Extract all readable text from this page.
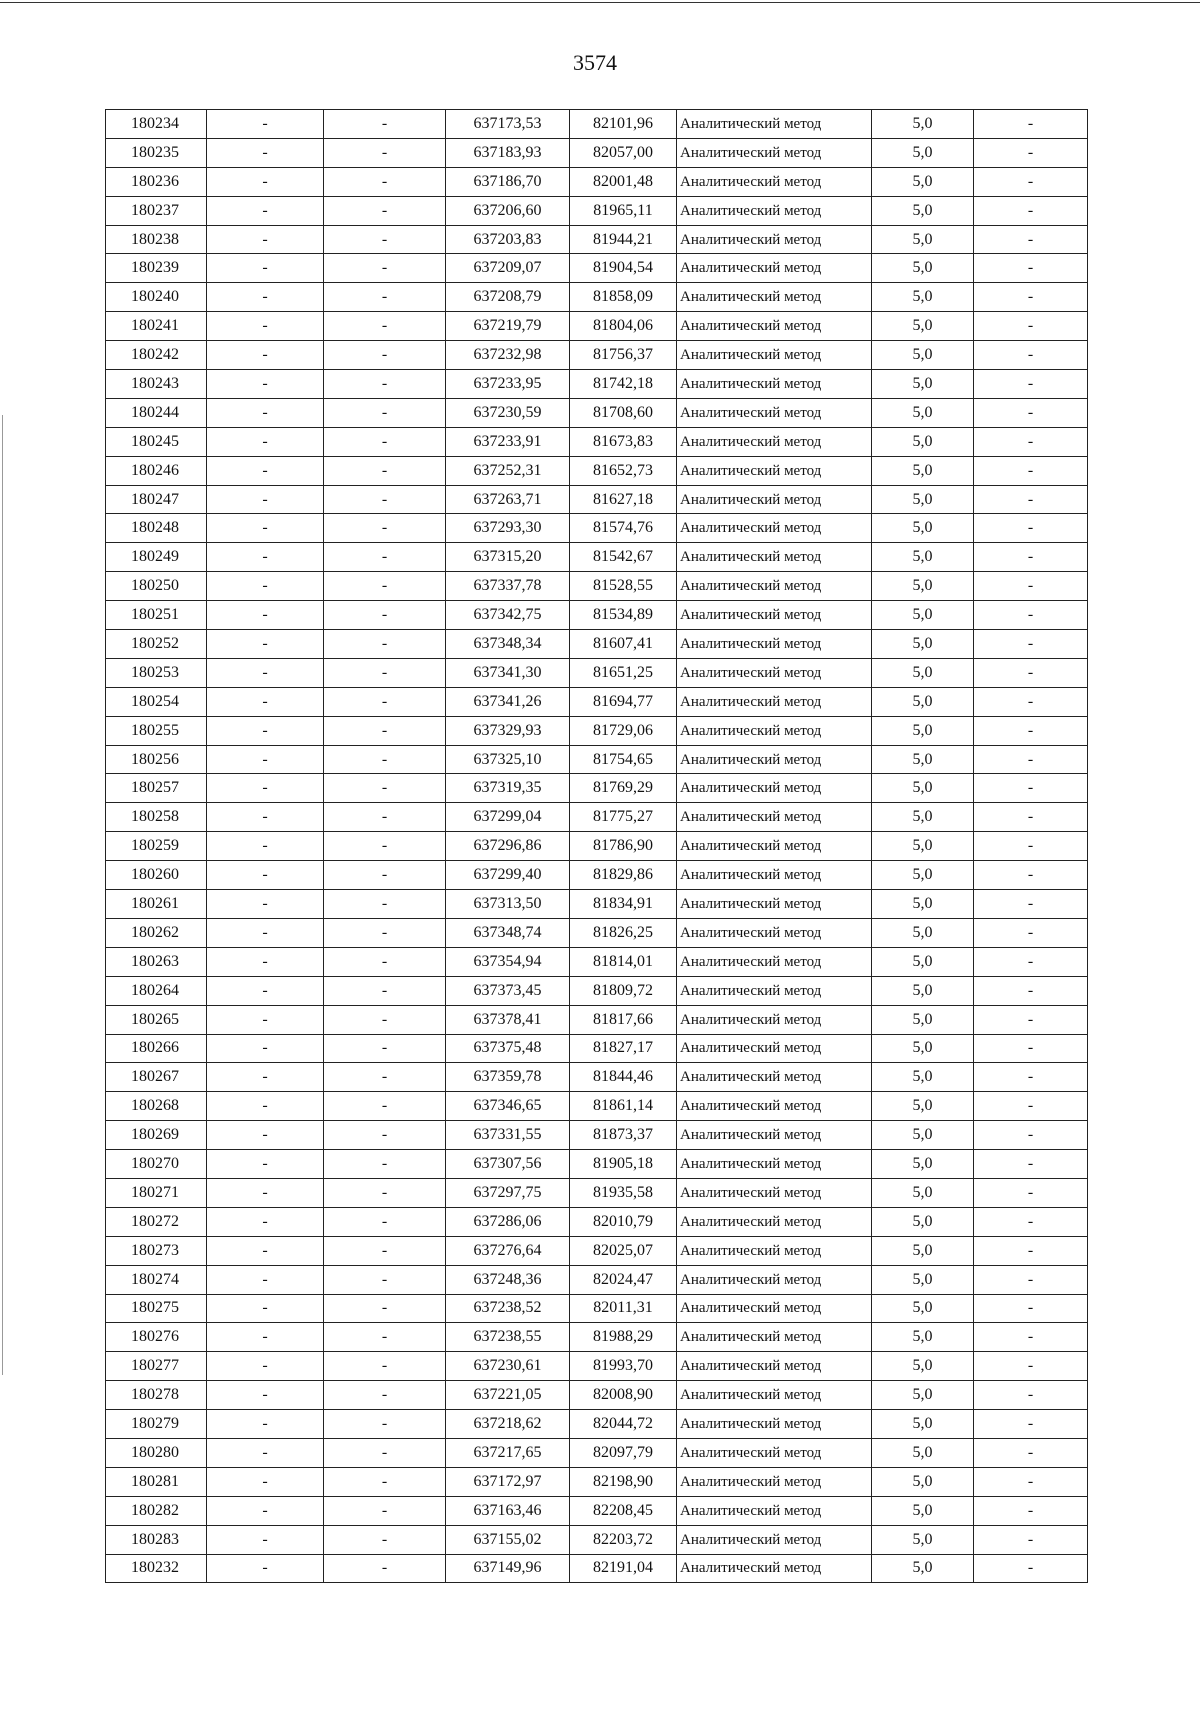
3574
180234	-	-	637173,53	82101,96	Аналитический метод	5,0	-
180235	-	-	637183,93	82057,00	Аналитический метод	5,0	-
180236	-	-	637186,70	82001,48	Аналитический метод	5,0	-
180237	-	-	637206,60	81965,11	Аналитический метод	5,0	-
180238	-	-	637203,83	81944,21	Аналитический метод	5,0	-
180239	-	-	637209,07	81904,54	Аналитический метод	5,0	-
180240	-	-	637208,79	81858,09	Аналитический метод	5,0	-
180241	-	-	637219,79	81804,06	Аналитический метод	5,0	-
180242	-	-	637232,98	81756,37	Аналитический метод	5,0	-
180243	-	-	637233,95	81742,18	Аналитический метод	5,0	-
180244	-	-	637230,59	81708,60	Аналитический метод	5,0	-
180245	-	-	637233,91	81673,83	Аналитический метод	5,0	-
180246	-	-	637252,31	81652,73	Аналитический метод	5,0	-
180247	-	-	637263,71	81627,18	Аналитический метод	5,0	-
180248	-	-	637293,30	81574,76	Аналитический метод	5,0	-
180249	-	-	637315,20	81542,67	Аналитический метод	5,0	-
180250	-	-	637337,78	81528,55	Аналитический метод	5,0	-
180251	-	-	637342,75	81534,89	Аналитический метод	5,0	-
180252	-	-	637348,34	81607,41	Аналитический метод	5,0	-
180253	-	-	637341,30	81651,25	Аналитический метод	5,0	-
180254	-	-	637341,26	81694,77	Аналитический метод	5,0	-
180255	-	-	637329,93	81729,06	Аналитический метод	5,0	-
180256	-	-	637325,10	81754,65	Аналитический метод	5,0	-
180257	-	-	637319,35	81769,29	Аналитический метод	5,0	-
180258	-	-	637299,04	81775,27	Аналитический метод	5,0	-
180259	-	-	637296,86	81786,90	Аналитический метод	5,0	-
180260	-	-	637299,40	81829,86	Аналитический метод	5,0	-
180261	-	-	637313,50	81834,91	Аналитический метод	5,0	-
180262	-	-	637348,74	81826,25	Аналитический метод	5,0	-
180263	-	-	637354,94	81814,01	Аналитический метод	5,0	-
180264	-	-	637373,45	81809,72	Аналитический метод	5,0	-
180265	-	-	637378,41	81817,66	Аналитический метод	5,0	-
180266	-	-	637375,48	81827,17	Аналитический метод	5,0	-
180267	-	-	637359,78	81844,46	Аналитический метод	5,0	-
180268	-	-	637346,65	81861,14	Аналитический метод	5,0	-
180269	-	-	637331,55	81873,37	Аналитический метод	5,0	-
180270	-	-	637307,56	81905,18	Аналитический метод	5,0	-
180271	-	-	637297,75	81935,58	Аналитический метод	5,0	-
180272	-	-	637286,06	82010,79	Аналитический метод	5,0	-
180273	-	-	637276,64	82025,07	Аналитический метод	5,0	-
180274	-	-	637248,36	82024,47	Аналитический метод	5,0	-
180275	-	-	637238,52	82011,31	Аналитический метод	5,0	-
180276	-	-	637238,55	81988,29	Аналитический метод	5,0	-
180277	-	-	637230,61	81993,70	Аналитический метод	5,0	-
180278	-	-	637221,05	82008,90	Аналитический метод	5,0	-
180279	-	-	637218,62	82044,72	Аналитический метод	5,0	-
180280	-	-	637217,65	82097,79	Аналитический метод	5,0	-
180281	-	-	637172,97	82198,90	Аналитический метод	5,0	-
180282	-	-	637163,46	82208,45	Аналитический метод	5,0	-
180283	-	-	637155,02	82203,72	Аналитический метод	5,0	-
180232	-	-	637149,96	82191,04	Аналитический метод	5,0	-
